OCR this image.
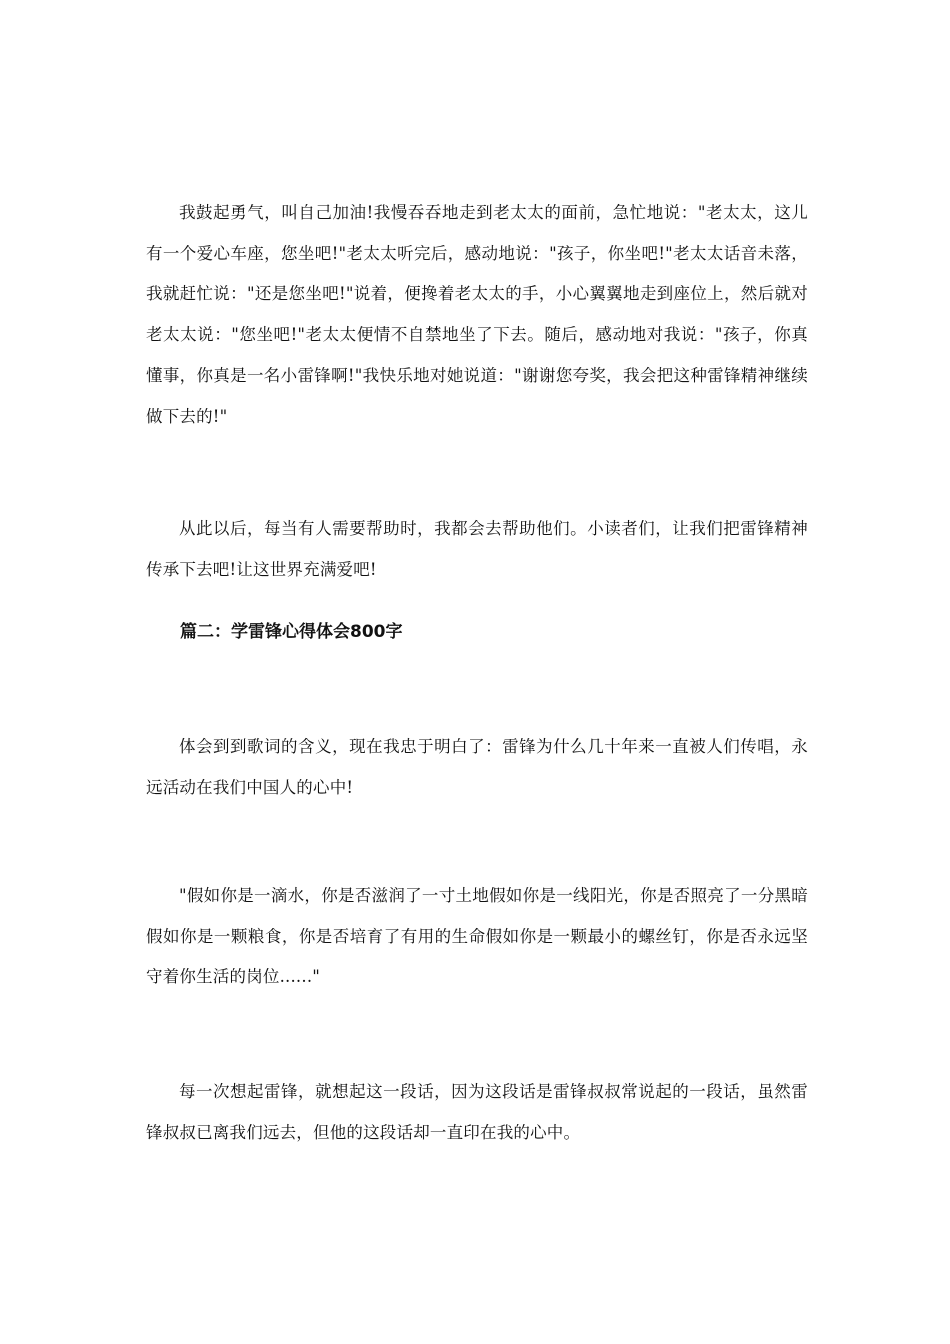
我鼓起勇气，叫自己加油!我慢吞吞地走到老太太的面前，急忙地说："老太太，这儿有一个爱心车座，您坐吧!"老太太听完后，感动地说："孩子，你坐吧!"老太太话音未落，我就赶忙说："还是您坐吧!"说着，便搀着老太太的手，小心翼翼地走到座位上，然后就对老太太说："您坐吧!"老太太便情不自禁地坐了下去。随后，感动地对我说："孩子，你真懂事，你真是一名小雷锋啊!"我快乐地对她说道："谢谢您夸奖，我会把这种雷锋精神继续做下去的!"

从此以后，每当有人需要帮助时，我都会去帮助他们。小读者们，让我们把雷锋精神传承下去吧!让这世界充满爱吧!

篇二：学雷锋心得体会800字

体会到到歌词的含义，现在我忠于明白了：雷锋为什么几十年来一直被人们传唱，永远活动在我们中国人的心中!

"假如你是一滴水，你是否滋润了一寸土地假如你是一线阳光，你是否照亮了一分黑暗假如你是一颗粮食，你是否培育了有用的生命假如你是一颗最小的螺丝钉，你是否永远坚守着你生活的岗位......"

每一次想起雷锋，就想起这一段话，因为这段话是雷锋叔叔常说起的一段话，虽然雷锋叔叔已离我们远去，但他的这段话却一直印在我的心中。
